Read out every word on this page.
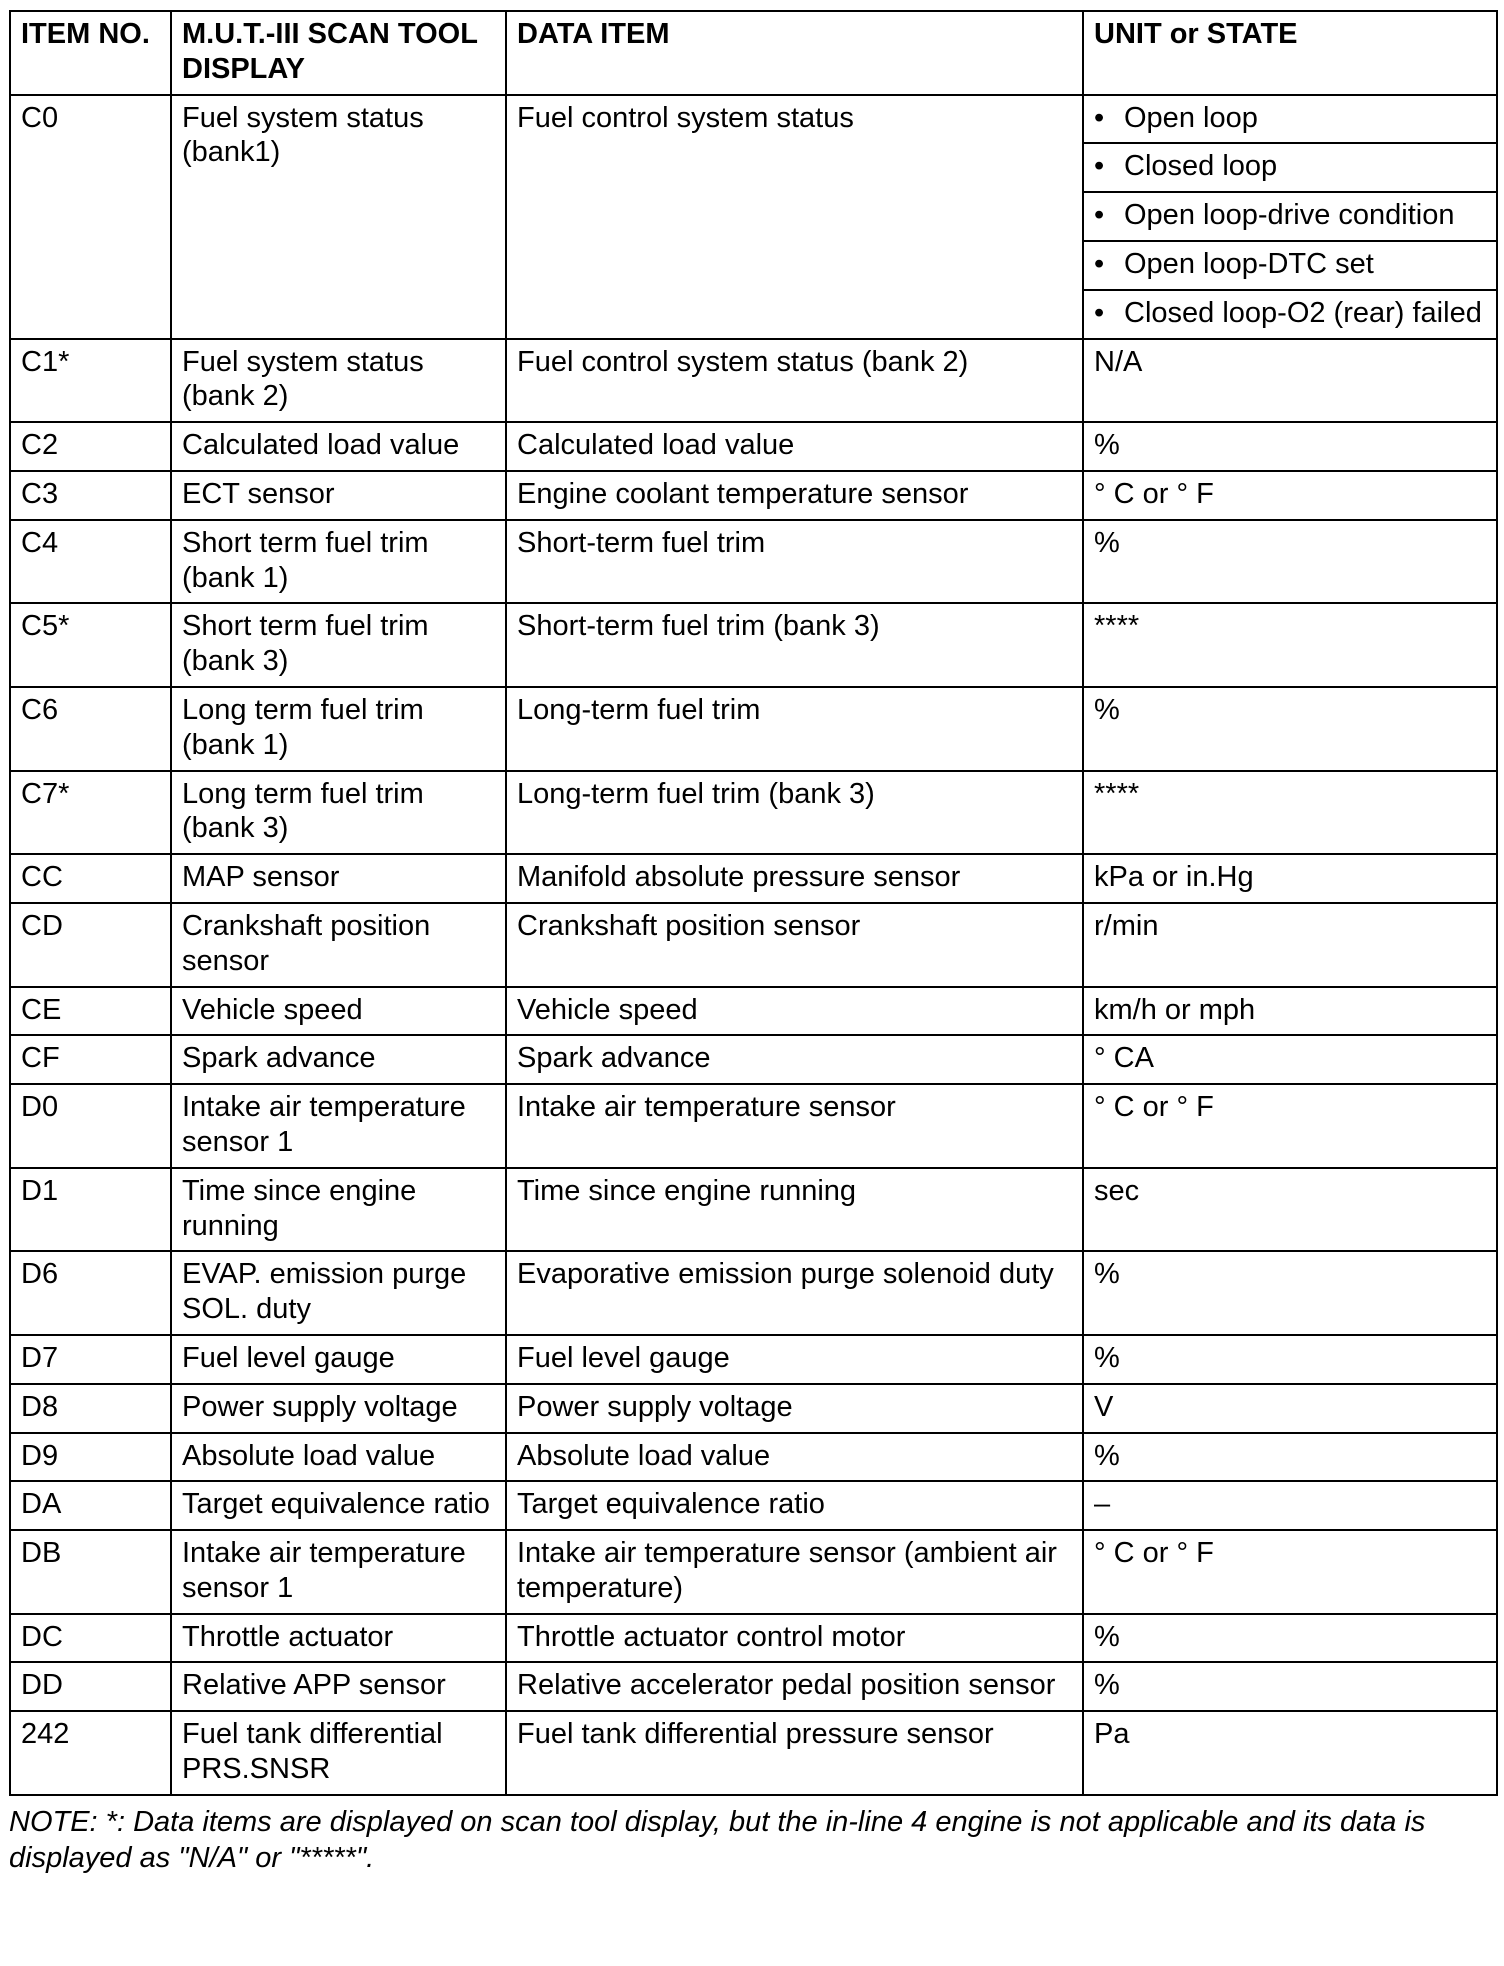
ITEM NO.	M.U.T.-III SCAN TOOL DISPLAY	DATA ITEM	UNIT or STATE
C0	Fuel system status (bank1)	Fuel control system status	• Open loop

			• Closed loop

			• Open loop-drive condition

			• Open loop-DTC set

			• Closed loop-O2 (rear) failed

C1*	Fuel system status (bank 2)	Fuel control system status (bank 2)	N/A
C2	Calculated load value	Calculated load value	%
C3	ECT sensor	Engine coolant temperature sensor	° C or ° F
C4	Short term fuel trim (bank 1)	Short-term fuel trim	%
C5*	Short term fuel trim (bank 3)	Short-term fuel trim (bank 3)	****
C6	Long term fuel trim (bank 1)	Long-term fuel trim	%
C7*	Long term fuel trim (bank 3)	Long-term fuel trim (bank 3)	****
CC	MAP sensor	Manifold absolute pressure sensor	kPa or in.Hg
CD	Crankshaft position sensor	Crankshaft position sensor	r/min
CE	Vehicle speed	Vehicle speed	km/h or mph
CF	Spark advance	Spark advance	° CA
D0	Intake air temperature sensor 1	Intake air temperature sensor	° C or ° F
D1	Time since engine running	Time since engine running	sec
D6	EVAP. emission purge SOL. duty	Evaporative emission purge solenoid duty	%
D7	Fuel level gauge	Fuel level gauge	%
D8	Power supply voltage	Power supply voltage	V
D9	Absolute load value	Absolute load value	%
DA	Target equivalence ratio	Target equivalence ratio	–
DB	Intake air temperature sensor 1	Intake air temperature sensor (ambient air temperature)	° C or ° F
DC	Throttle actuator	Throttle actuator control motor	%
DD	Relative APP sensor	Relative accelerator pedal position sensor	%
242	Fuel tank differential PRS.SNSR	Fuel tank differential pressure sensor	Pa
NOTE: *: Data items are displayed on scan tool display, but the in-line 4 engine is not applicable and its data is displayed as "N/A" or "*****".
